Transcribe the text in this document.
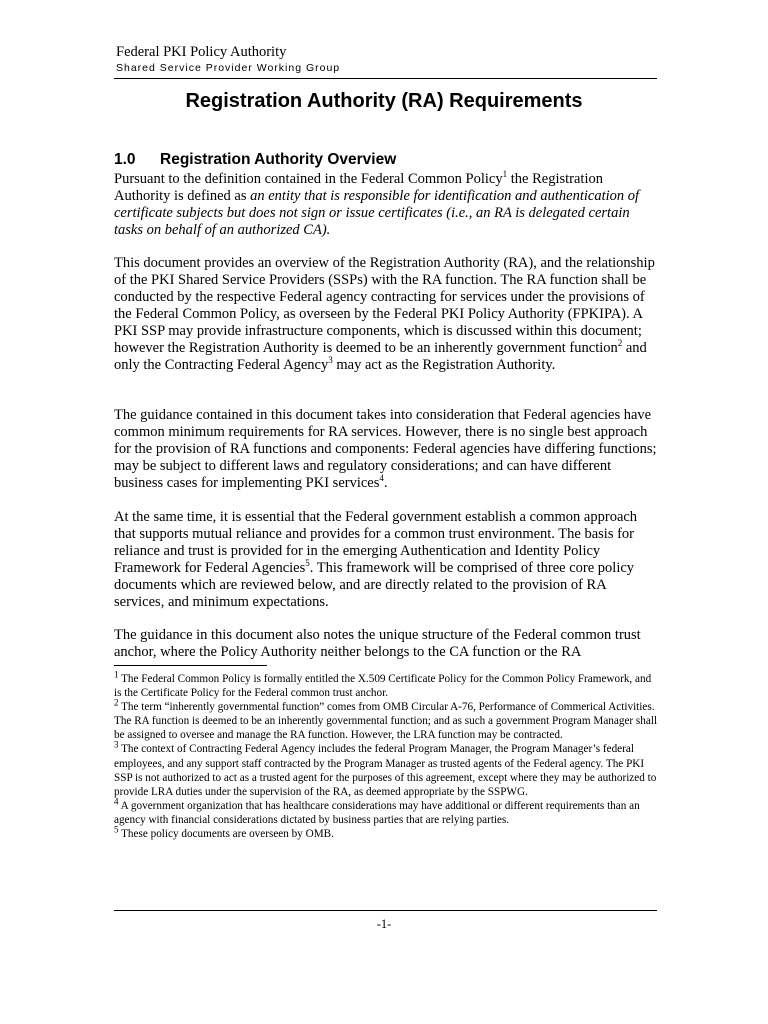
Federal PKI Policy Authority
Shared Service Provider Working Group
Registration Authority (RA) Requirements
1.0 Registration Authority Overview

Pursuant to the definition contained in the Federal Common Policy$^1$ the Registration Authority is defined as an entity that is responsible for identification and authentication of certificate subjects but does not sign or issue certificates (i.e., an RA is delegated certain tasks on behalf of an authorized CA).

This document provides an overview of the Registration Authority (RA), and the relationship of the PKI Shared Service Providers (SSPs) with the RA function. The RA function shall be conducted by the respective Federal agency contracting for services under the provisions of the Federal Common Policy, as overseen by the Federal PKI Policy Authority (FPKIPA). A PKI SSP may provide infrastructure components, which is discussed within this document; however the Registration Authority is deemed to be an inherently government function$^2$ and only the Contracting Federal Agency$^3$ may act as the Registration Authority.

The guidance contained in this document takes into consideration that Federal agencies have common minimum requirements for RA services. However, there is no single best approach for the provision of RA functions and components: Federal agencies have differing functions; may be subject to different laws and regulatory considerations; and can have different business cases for implementing PKI services$^4$.

At the same time, it is essential that the Federal government establish a common approach that supports mutual reliance and provides for a common trust environment. The basis for reliance and trust is provided for in the emerging Authentication and Identity Policy Framework for Federal Agencies$^5$. This framework will be comprised of three core policy documents which are reviewed below, and are directly related to the provision of RA services, and minimum expectations.

The guidance in this document also notes the unique structure of the Federal common trust anchor, where the Policy Authority neither belongs to the CA function or the RA

$^1$ The Federal Common Policy is formally entitled the X.509 Certificate Policy for the Common Policy Framework, and is the Certificate Policy for the Federal common trust anchor.

$^2$ The term “inherently governmental function” comes from OMB Circular A-76, Performance of Commerical Activities. The RA function is deemed to be an inherently governmental function; and as such a government Program Manager shall be assigned to oversee and manage the RA function. However, the LRA function may be contracted.

$^3$ The context of Contracting Federal Agency includes the federal Program Manager, the Program Manager’s federal employees, and any support staff contracted by the Program Manager as trusted agents of the Federal agency. The PKI SSP is not authorized to act as a trusted agent for the purposes of this agreement, except where they may be authorized to provide LRA duties under the supervision of the RA, as deemed appropriate by the SSPWG.

$^4$ A government organization that has healthcare considerations may have additional or different requirements than an agency with financial considerations dictated by business parties that are relying parties.

$^5$ These policy documents are overseen by OMB.

-1-
